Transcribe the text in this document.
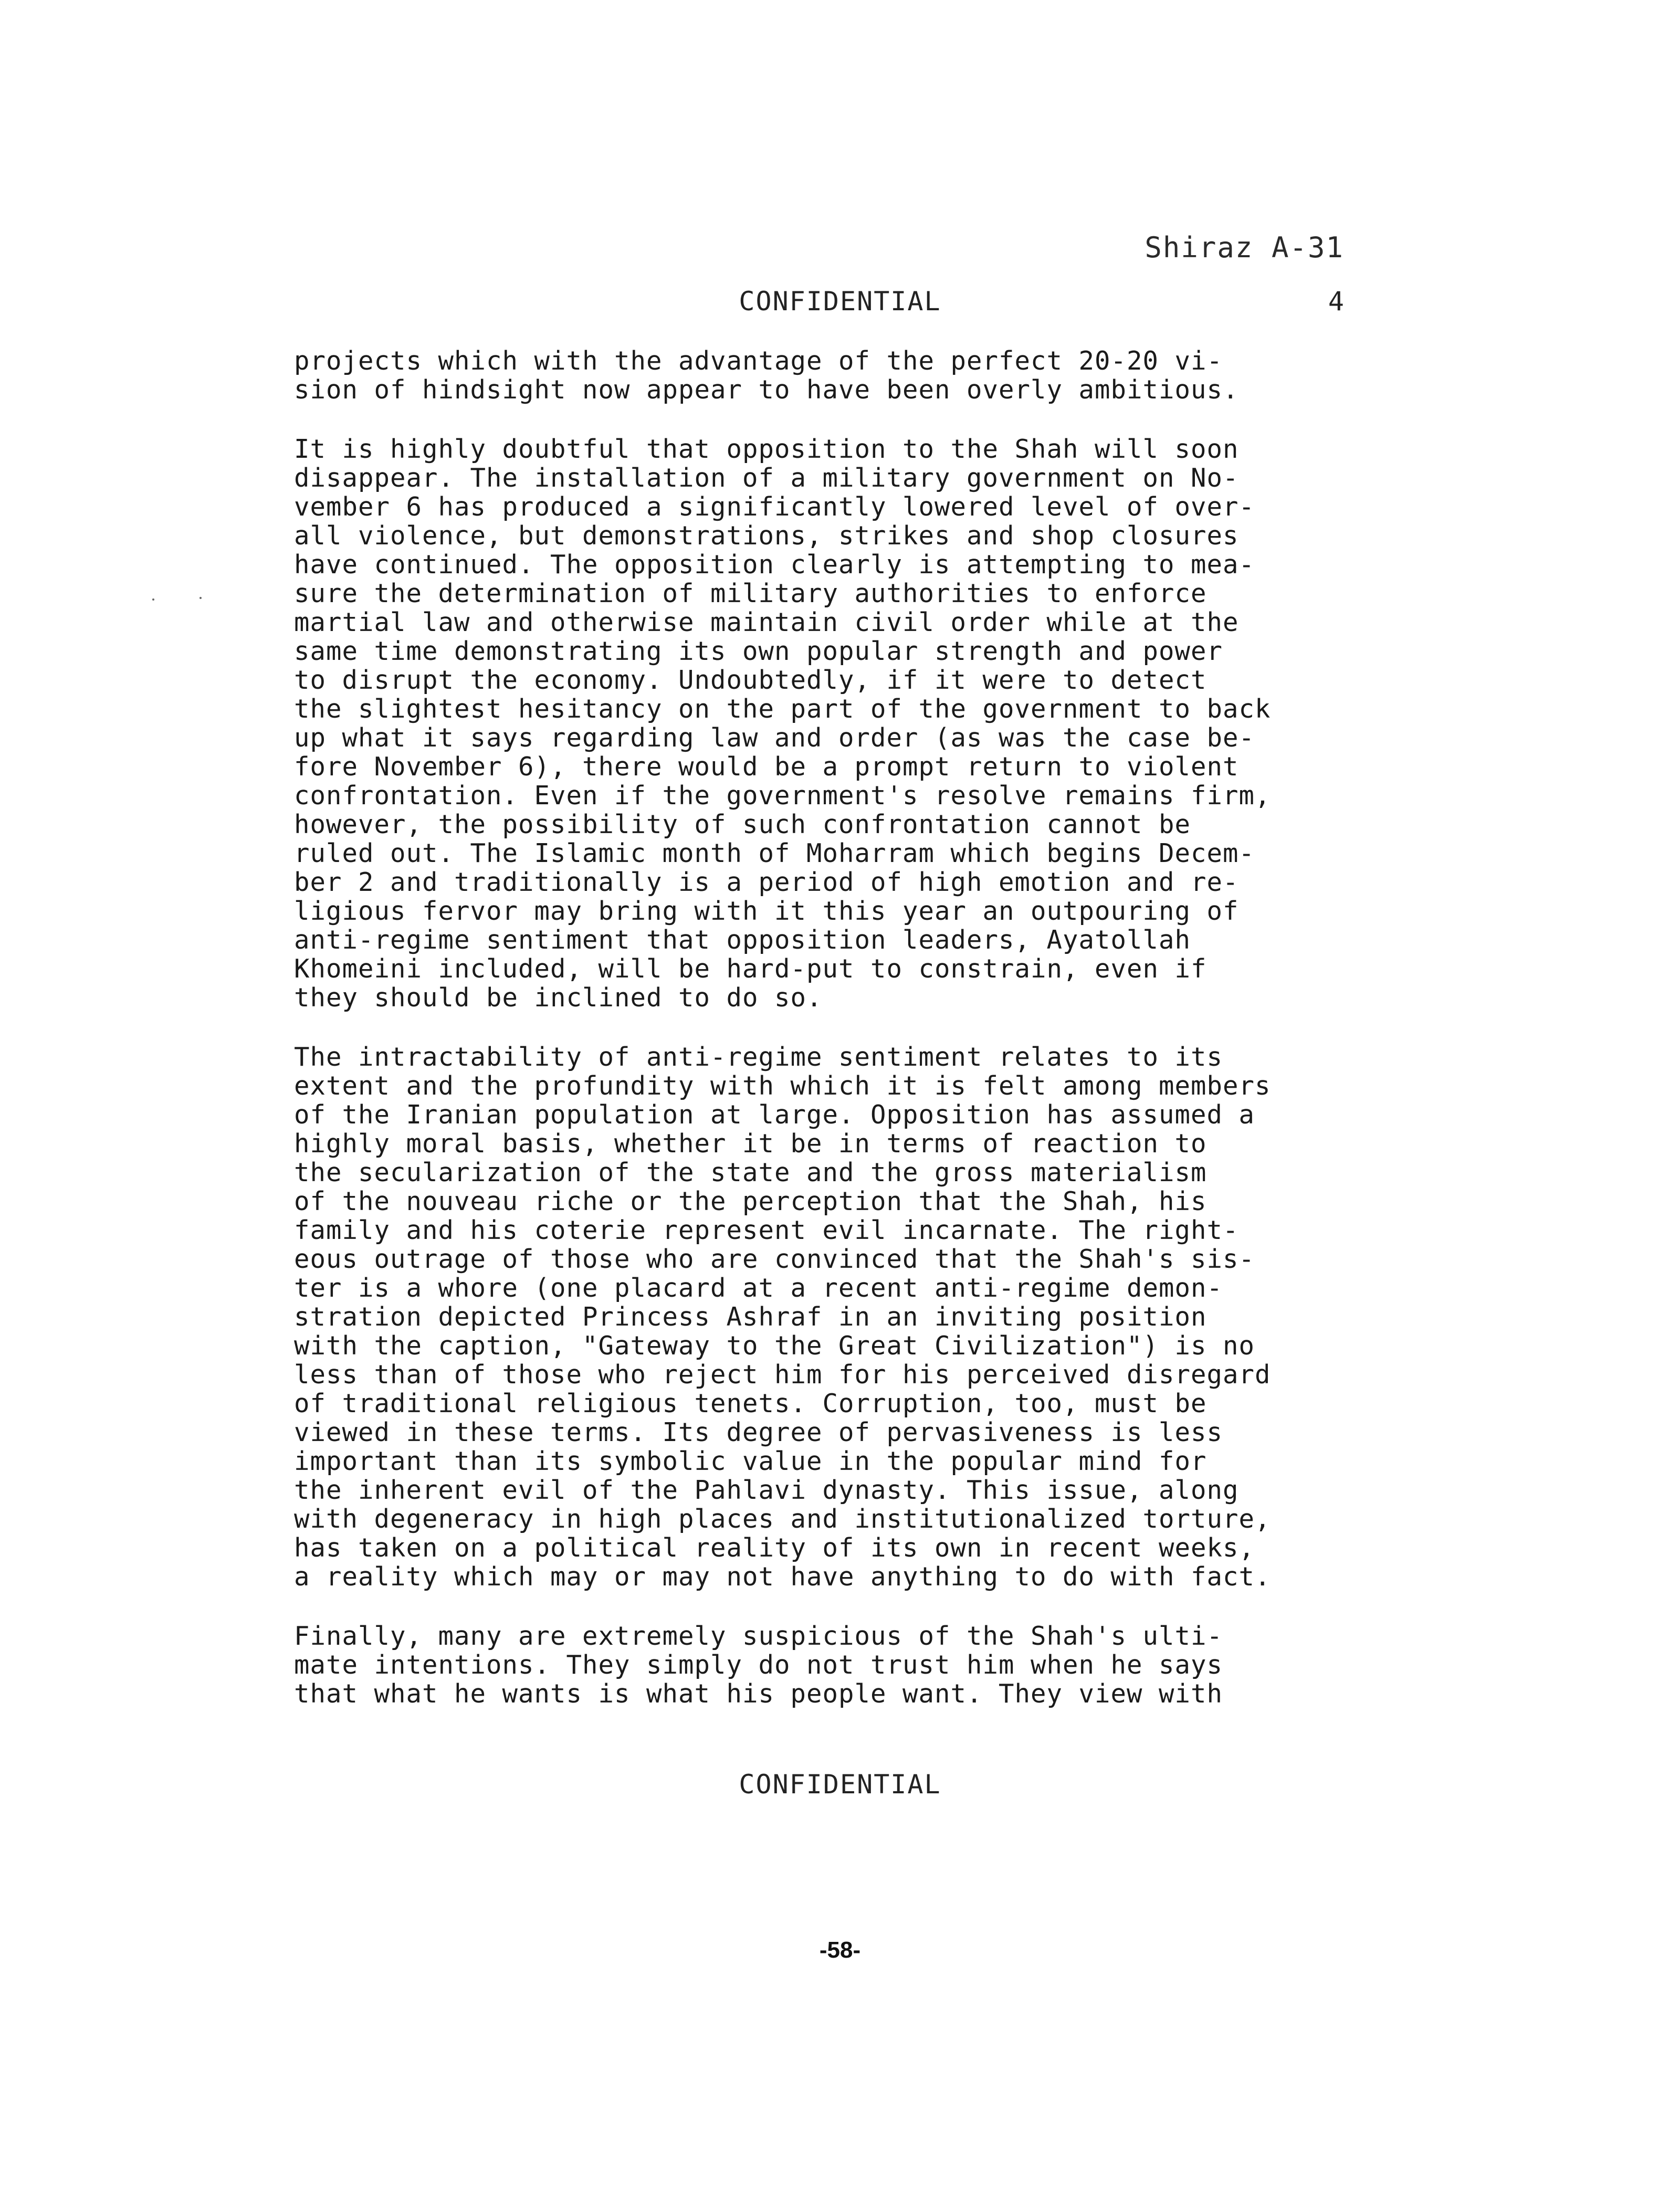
Shiraz A-31
CONFIDENTIAL	4
projects which with the advantage of the perfect 20-20 vi-
sion of hindsight now appear to have been overly ambitious.
It is highly doubtful that opposition to the Shah will soon
disappear. The installation of a military government on No-
vember 6 has produced a significantly lowered level of over-
all violence, but demonstrations, strikes and shop closures
have continued. The opposition clearly is attempting to mea-
sure the determination of military authorities to enforce
martial law and otherwise maintain civil order while at the
same time demonstrating its own popular strength and power
to disrupt the economy. Undoubtedly, if it were to detect
the slightest hesitancy on the part of the government to back
up what it says regarding law and order (as was the case be-
fore November 6), there would be a prompt return to violent
confrontation. Even if the government's resolve remains firm,
however, the possibility of such confrontation cannot be
ruled out. The Islamic month of Moharram which begins Decem-
ber 2 and traditionally is a period of high emotion and re-
ligious fervor may bring with it this year an outpouring of
anti-regime sentiment that opposition leaders, Ayatollah
Khomeini included, will be hard-put to constrain, even if
they should be inclined to do so.
The intractability of anti-regime sentiment relates to its
extent and the profundity with which it is felt among members
of the Iranian population at large. Opposition has assumed a
highly moral basis, whether it be in terms of reaction to
the secularization of the state and the gross materialism
of the nouveau riche or the perception that the Shah, his
family and his coterie represent evil incarnate. The right-
eous outrage of those who are convinced that the Shah's sis-
ter is a whore (one placard at a recent anti-regime demon-
stration depicted Princess Ashraf in an inviting position
with the caption, "Gateway to the Great Civilization") is no
less than of those who reject him for his perceived disregard
of traditional religious tenets. Corruption, too, must be
viewed in these terms. Its degree of pervasiveness is less
important than its symbolic value in the popular mind for
the inherent evil of the Pahlavi dynasty. This issue, along
with degeneracy in high places and institutionalized torture,
has taken on a political reality of its own in recent weeks,
a reality which may or may not have anything to do with fact.
Finally, many are extremely suspicious of the Shah's ulti-
mate intentions. They simply do not trust him when he says
that what he wants is what his people want. They view with
CONFIDENTIAL
-58-
